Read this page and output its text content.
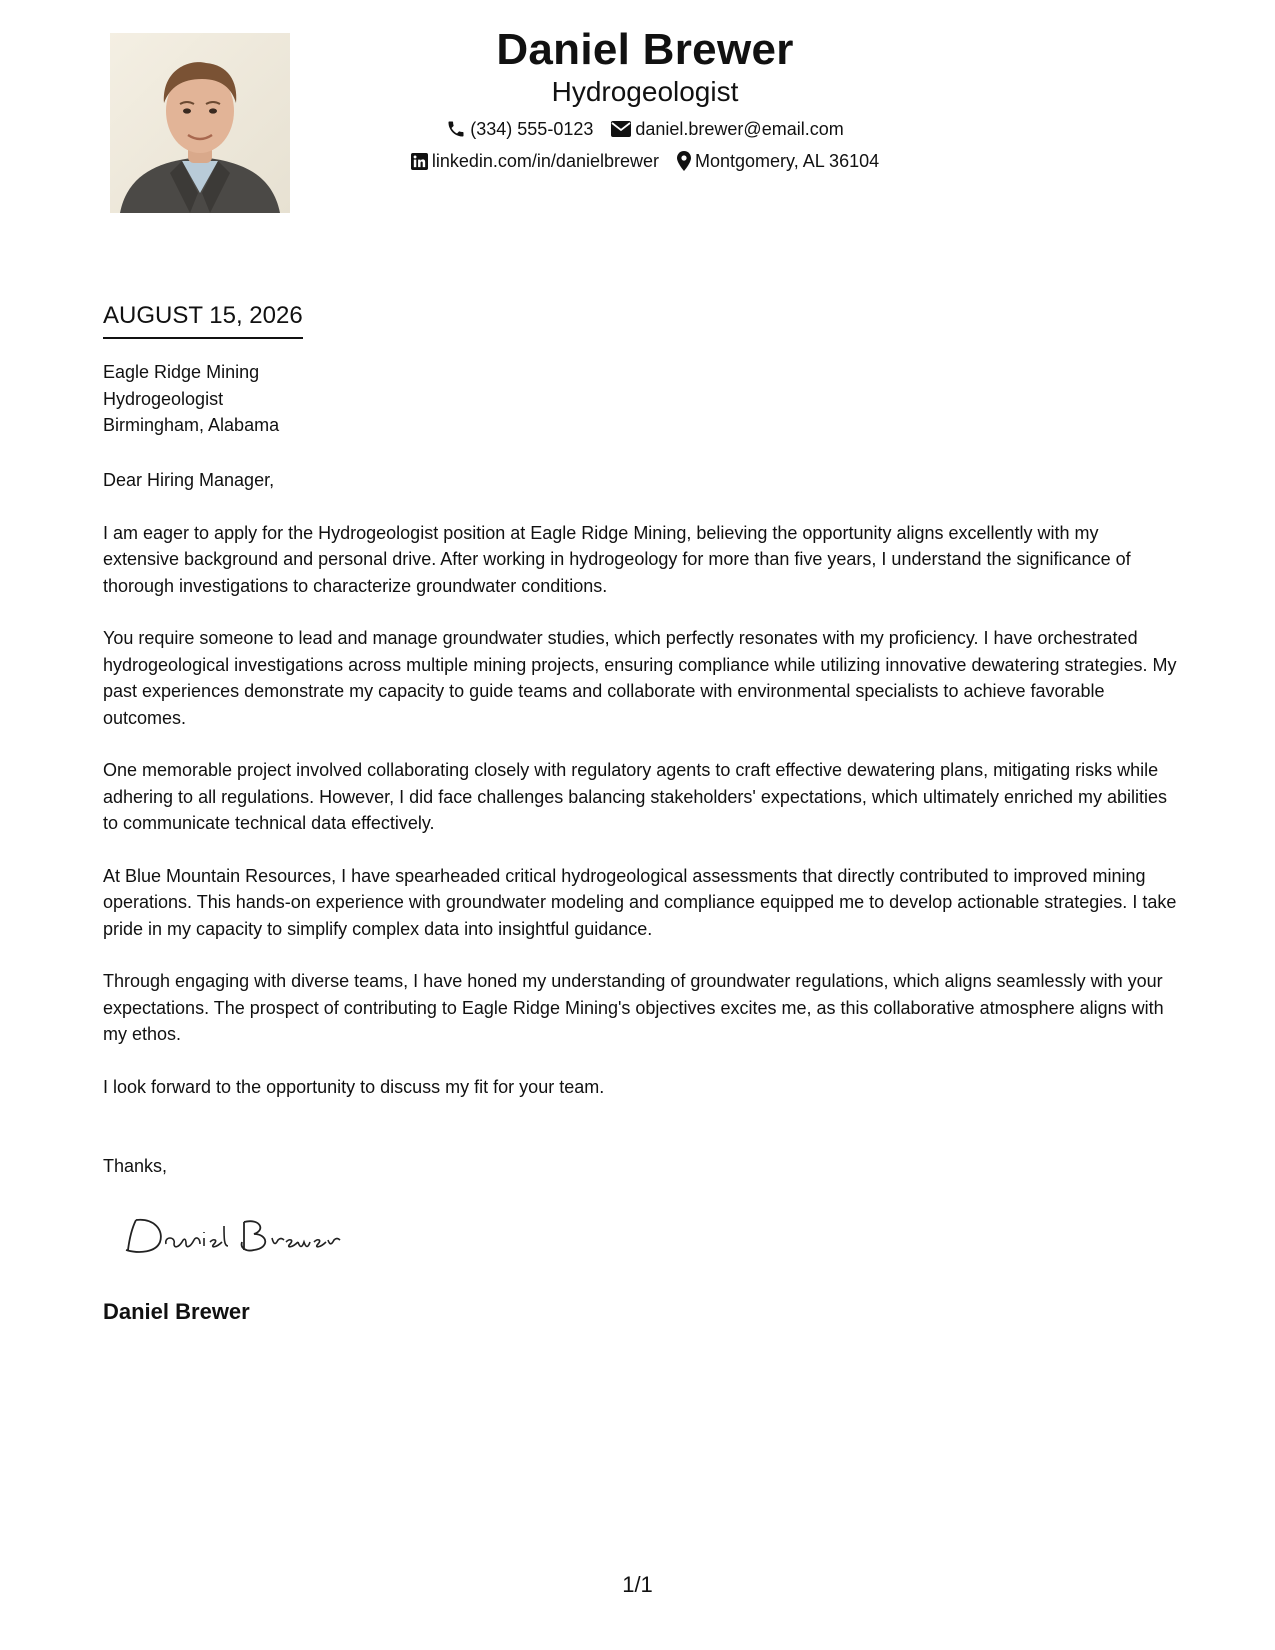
Daniel Brewer
Hydrogeologist
(334) 555-0123 daniel.brewer@email.com
linkedin.com/in/danielbrewer Montgomery, AL 36104
AUGUST 15, 2026
Eagle Ridge Mining
Hydrogeologist
Birmingham, Alabama

Dear Hiring Manager,

I am eager to apply for the Hydrogeologist position at Eagle Ridge Mining, believing the opportunity aligns excellently with my extensive background and personal drive. After working in hydrogeology for more than five years, I understand the significance of thorough investigations to characterize groundwater conditions.

You require someone to lead and manage groundwater studies, which perfectly resonates with my proficiency. I have orchestrated hydrogeological investigations across multiple mining projects, ensuring compliance while utilizing innovative dewatering strategies. My past experiences demonstrate my capacity to guide teams and collaborate with environmental specialists to achieve favorable outcomes.

One memorable project involved collaborating closely with regulatory agents to craft effective dewatering plans, mitigating risks while adhering to all regulations. However, I did face challenges balancing stakeholders' expectations, which ultimately enriched my abilities to communicate technical data effectively.

At Blue Mountain Resources, I have spearheaded critical hydrogeological assessments that directly contributed to improved mining operations. This hands-on experience with groundwater modeling and compliance equipped me to develop actionable strategies. I take pride in my capacity to simplify complex data into insightful guidance.

Through engaging with diverse teams, I have honed my understanding of groundwater regulations, which aligns seamlessly with your expectations. The prospect of contributing to Eagle Ridge Mining's objectives excites me, as this collaborative atmosphere aligns with my ethos.

I look forward to the opportunity to discuss my fit for your team.

Thanks,
Daniel Brewer
1/1
